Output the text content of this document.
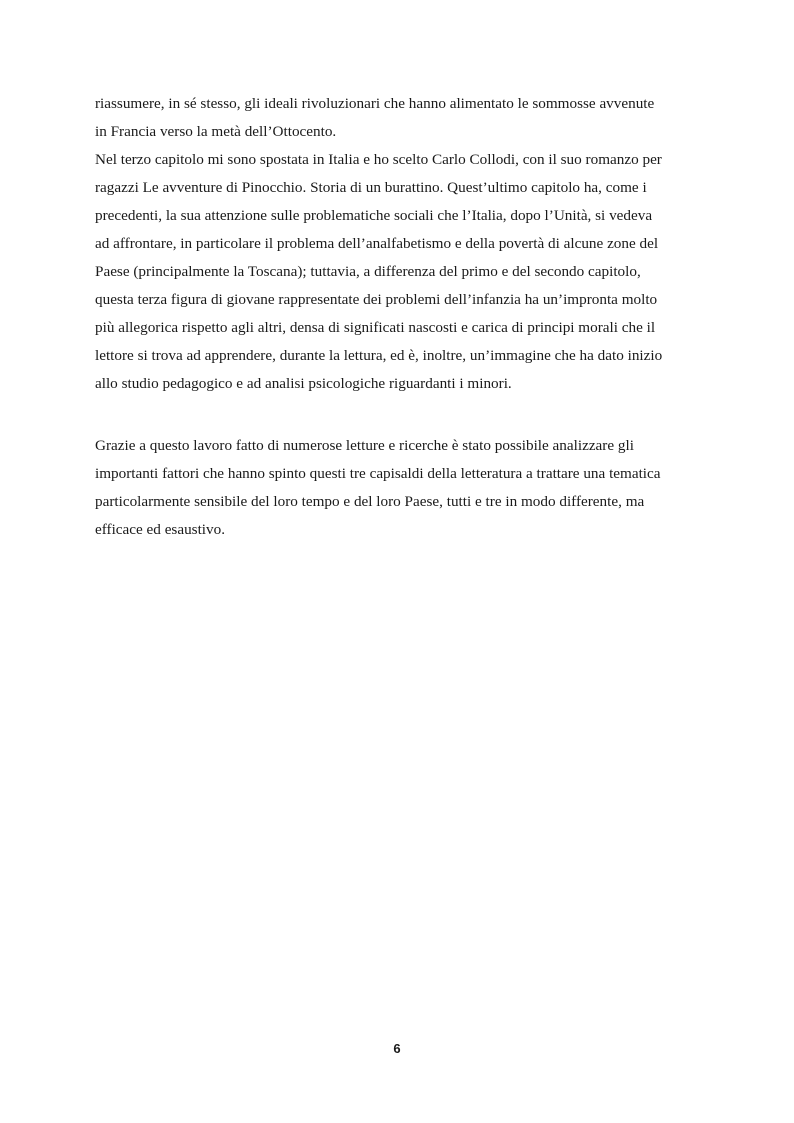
riassumere, in sé stesso, gli ideali rivoluzionari che hanno alimentato le sommosse avvenute
in Francia verso la metà dell’Ottocento.
Nel terzo capitolo mi sono spostata in Italia e ho scelto Carlo Collodi, con il suo romanzo per
ragazzi Le avventure di Pinocchio. Storia di un burattino. Quest’ultimo capitolo ha, come i
precedenti, la sua attenzione sulle problematiche sociali che l’Italia, dopo l’Unità, si vedeva
ad affrontare, in particolare il problema dell’analfabetismo e della povertà di alcune zone del
Paese (principalmente la Toscana); tuttavia, a differenza del primo e del secondo capitolo,
questa terza figura di giovane rappresentate dei problemi dell’infanzia ha un’impronta molto
più allegorica rispetto agli altri, densa di significati nascosti e carica di principi morali che il
lettore si trova ad apprendere, durante la lettura, ed è, inoltre, un’immagine che ha dato inizio
allo studio pedagogico e ad analisi psicologiche riguardanti i minori.
Grazie a questo lavoro fatto di numerose letture e ricerche è stato possibile analizzare gli
importanti fattori che hanno spinto questi tre capisaldi della letteratura a trattare una tematica
particolarmente sensibile del loro tempo e del loro Paese, tutti e tre in modo differente, ma
efficace ed esaustivo.
6
